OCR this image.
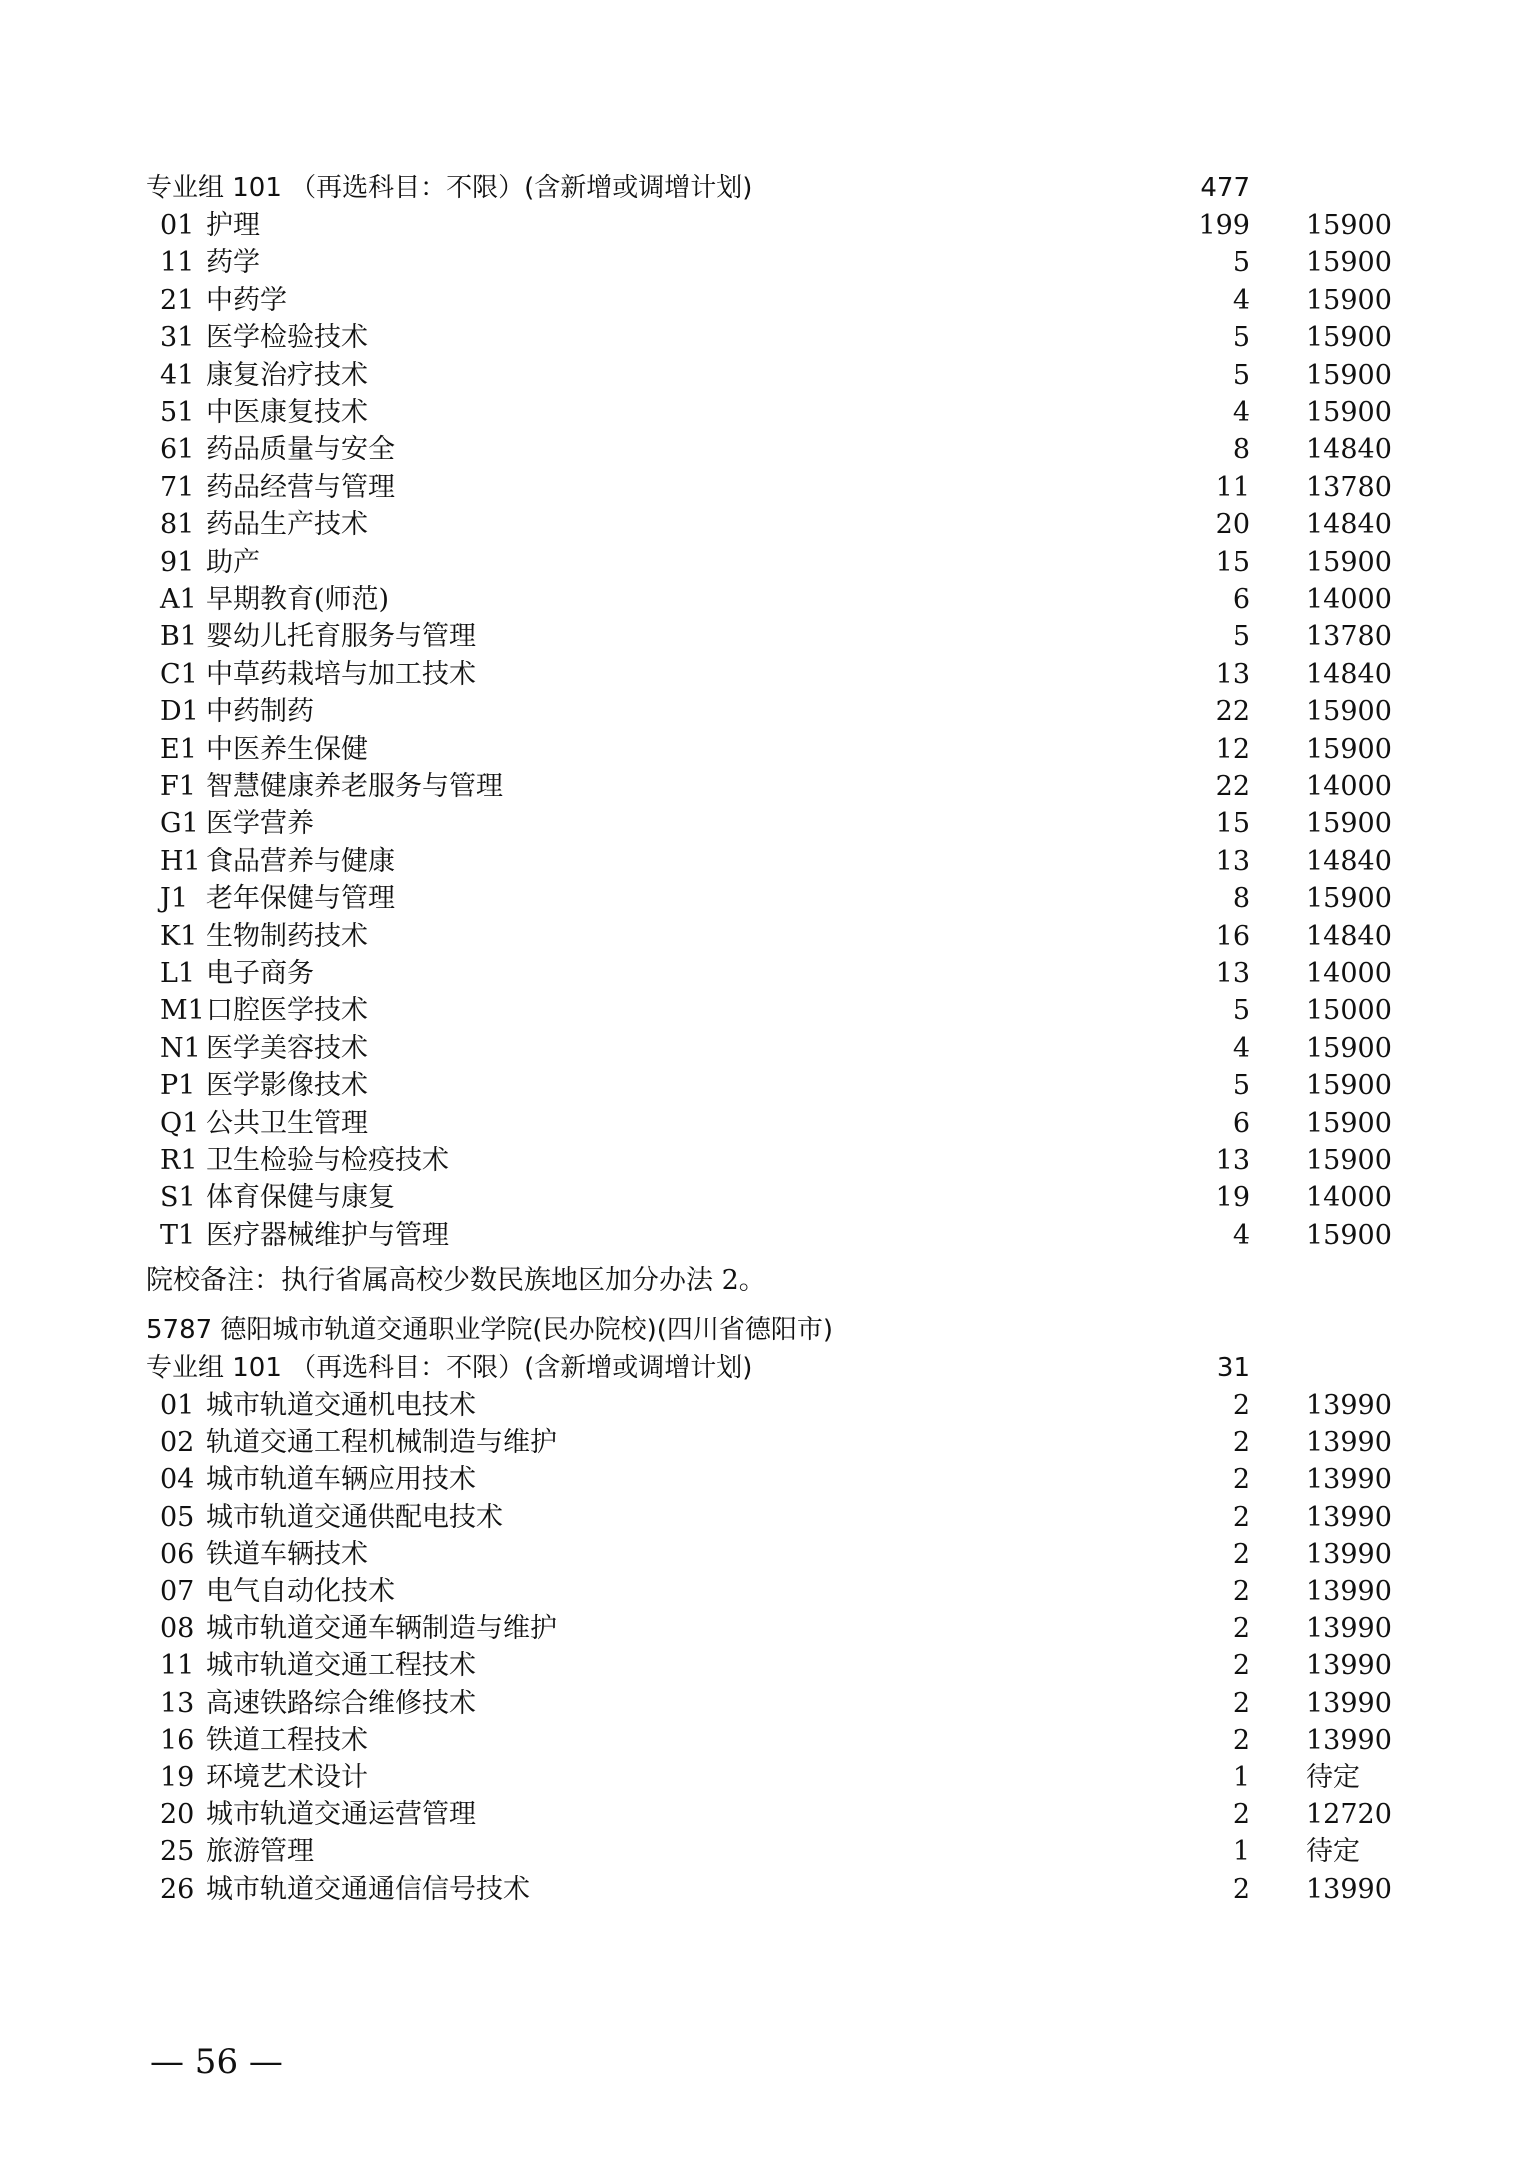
专业组 101 （再选科目：不限）(含新增或调增计划)	477
01 护理	199 15900
11 药学	5 15900
21 中药学	4 15900
31 医学检验技术	5 15900
41 康复治疗技术	5 15900
51 中医康复技术	4 15900
61 药品质量与安全	8 14840
71 药品经营与管理	11 13780
81 药品生产技术	20 14840
91 助产	15 15900
A1 早期教育(师范)	6 14000
B1 婴幼儿托育服务与管理	5 13780
C1 中草药栽培与加工技术	13 14840
D1 中药制药	22 15900
E1 中医养生保健	12 15900
F1 智慧健康养老服务与管理	22 14000
G1 医学营养	15 15900
H1 食品营养与健康	13 14840
J1 老年保健与管理	8 15900
K1 生物制药技术	16 14840
L1 电子商务	13 14000
M1 口腔医学技术	5 15000
N1 医学美容技术	4 15900
P1 医学影像技术	5 15900
Q1 公共卫生管理	6 15900
R1 卫生检验与检疫技术	13 15900
S1 体育保健与康复	19 14000
T1 医疗器械维护与管理	4 15900
院校备注：执行省属高校少数民族地区加分办法 2。
5787 德阳城市轨道交通职业学院(民办院校)(四川省德阳市)
专业组 101 （再选科目：不限）(含新增或调增计划)	31
01 城市轨道交通机电技术	2 13990
02 轨道交通工程机械制造与维护	2 13990
04 城市轨道车辆应用技术	2 13990
05 城市轨道交通供配电技术	2 13990
06 铁道车辆技术	2 13990
07 电气自动化技术	2 13990
08 城市轨道交通车辆制造与维护	2 13990
11 城市轨道交通工程技术	2 13990
13 高速铁路综合维修技术	2 13990
16 铁道工程技术	2 13990
19 环境艺术设计	1 待定
20 城市轨道交通运营管理	2 12720
25 旅游管理	1 待定
26 城市轨道交通通信信号技术	2 13990
— 56 —
